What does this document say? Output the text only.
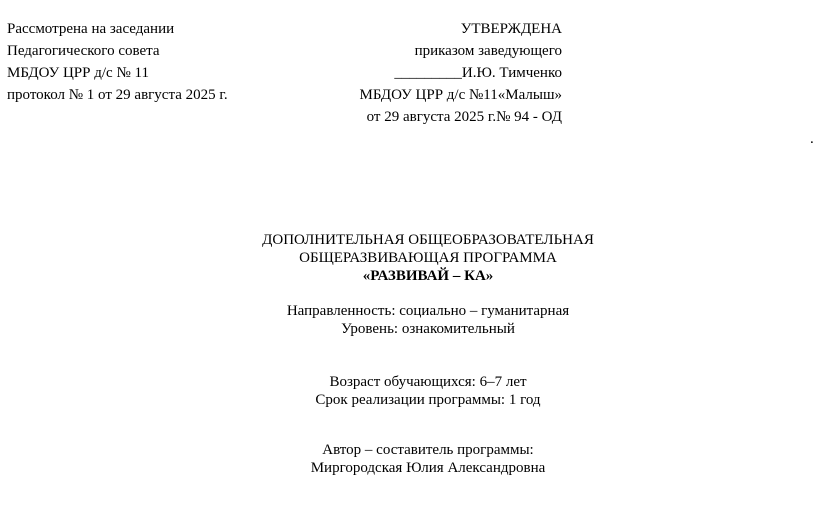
Рассмотрена на заседании
Педагогического совета
МБДОУ ЦРР д/с № 11
протокол № 1 от 29 августа 2025 г.
УТВЕРЖДЕНА
приказом заведующего
_________И.Ю. Тимченко
МБДОУ ЦРР д/с №11«Малыш»
от 29 августа 2025 г.№ 94 - ОД
.
ДОПОЛНИТЕЛЬНАЯ ОБЩЕОБРАЗОВАТЕЛЬНАЯ
ОБЩЕРАЗВИВАЮЩАЯ ПРОГРАММА
«РАЗВИВАЙ – КА»
Направленность: социально – гуманитарная
Уровень: ознакомительный
Возраст обучающихся: 6–7 лет
Срок реализации программы: 1 год
Автор – составитель программы:
Миргородская Юлия Александровна
